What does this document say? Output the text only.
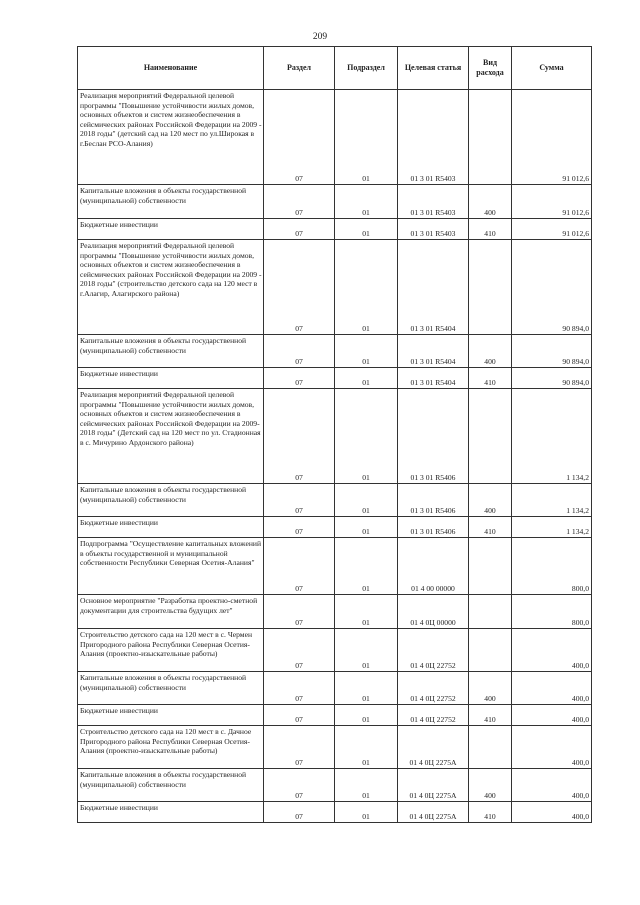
209
Наименование	Раздел	Подраздел	Целевая статья	Вид расхода	Сумма

Реализация мероприятий Федеральной целевой программы "Повышение устойчивости жилых домов, основных объектов и систем жизнеобеспечения в сейсмических районах Российской Федерации на 2009 - 2018 годы" (детский сад на 120 мест по ул.Широкая в г.Беслан РСО-Алания)	07	01	01 3 01 R5403		91 012,6

Капитальные вложения в объекты государственной (муниципальной) собственности	07	01	01 3 01 R5403	400	91 012,6

Бюджетные инвестиции	07	01	01 3 01 R5403	410	91 012,6

Реализация мероприятий Федеральной целевой программы "Повышение устойчивости жилых домов, основных объектов и систем жизнеобеспечения в сейсмических районах Российской Федерации на 2009 - 2018 годы" (строительство детского сада на 120 мест в г.Алагир, Алагирского района)	07	01	01 3 01 R5404		90 894,0

Капитальные вложения в объекты государственной (муниципальной) собственности	07	01	01 3 01 R5404	400	90 894,0

Бюджетные инвестиции	07	01	01 3 01 R5404	410	90 894,0

Реализация мероприятий Федеральной целевой программы "Повышение устойчивости жилых домов, основных объектов и систем жизнеобеспечения в сейсмических районах Российской Федерации на 2009-2018 годы" (Детский сад на 120 мест по ул. Стадионная в с. Мичурино Ардонского района)	07	01	01 3 01 R5406		1 134,2

Капитальные вложения в объекты государственной (муниципальной) собственности	07	01	01 3 01 R5406	400	1 134,2

Бюджетные инвестиции	07	01	01 3 01 R5406	410	1 134,2

Подпрограмма "Осуществление капитальных вложений в объекты государственной и муниципальной собственности Республики Северная Осетия-Алания"	07	01	01 4 00 00000		800,0

Основное мероприятие "Разработка проектно-сметной документации для строительства будущих лет"	07	01	01 4 0Ц 00000		800,0

Строительство детского сада на 120 мест в с. Чермен Пригородного района Республики Северная Осетия-Алания (проектно-изыскательные работы)	07	01	01 4 0Ц 22752		400,0

Капитальные вложения в объекты государственной (муниципальной) собственности	07	01	01 4 0Ц 22752	400	400,0

Бюджетные инвестиции	07	01	01 4 0Ц 22752	410	400,0

Строительство детского сада на 120 мест в с. Дачное Пригородного района Республики Северная Осетия-Алания (проектно-изыскательные работы)	07	01	01 4 0Ц 2275А		400,0

Капитальные вложения в объекты государственной (муниципальной) собственности	07	01	01 4 0Ц 2275А	400	400,0

Бюджетные инвестиции	07	01	01 4 0Ц 2275А	410	400,0
